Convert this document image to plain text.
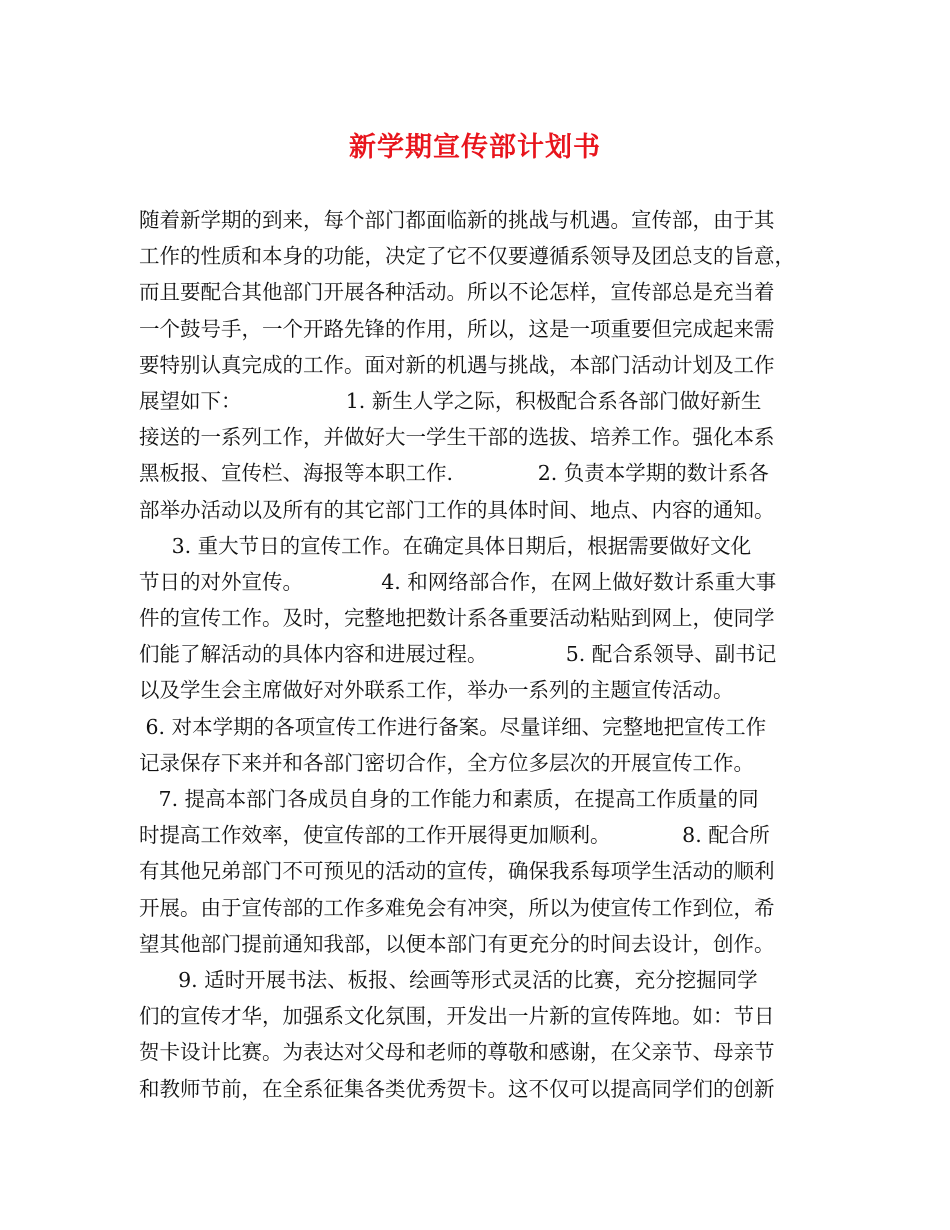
新学期宣传部计划书
随着新学期的到来，每个部门都面临新的挑战与机遇。宣传部，由于其
工作的性质和本身的功能，决定了它不仅要遵循系领导及团总支的旨意，
而且要配合其他部门开展各种活动。所以不论怎样，宣传部总是充当着
一个鼓号手，一个开路先锋的作用，所以，这是一项重要但完成起来需
要特别认真完成的工作。面对新的机遇与挑战，本部门活动计划及工作
展望如下：                1. 新生人学之际，积极配合系各部门做好新生
接送的一系列工作，并做好大一学生干部的选拔、培养工作。强化本系
黑板报、宣传栏、海报等本职工作.             2. 负责本学期的数计系各
部举办活动以及所有的其它部门工作的具体时间、地点、内容的通知。
3. 重大节日的宣传工作。在确定具体日期后，根据需要做好文化
节日的对外宣传。            4. 和网络部合作，在网上做好数计系重大事
件的宣传工作。及时，完整地把数计系各重要活动粘贴到网上，使同学
们能了解活动的具体内容和进展过程。            5. 配合系领导、副书记
以及学生会主席做好对外联系工作，举办一系列的主题宣传活动。
6. 对本学期的各项宣传工作进行备案。尽量详细、完整地把宣传工作
记录保存下来并和各部门密切合作，全方位多层次的开展宣传工作。
7. 提高本部门各成员自身的工作能力和素质，在提高工作质量的同
时提高工作效率，使宣传部的工作开展得更加顺利。           8. 配合所
有其他兄弟部门不可预见的活动的宣传，确保我系每项学生活动的顺利
开展。由于宣传部的工作多难免会有冲突，所以为使宣传工作到位，希
望其他部门提前通知我部，以便本部门有更充分的时间去设计，创作。
9. 适时开展书法、板报、绘画等形式灵活的比赛，充分挖掘同学
们的宣传才华，加强系文化氛围，开发出一片新的宣传阵地。如：节日
贺卡设计比赛。为表达对父母和老师的尊敬和感谢，在父亲节、母亲节
和教师节前，在全系征集各类优秀贺卡。这不仅可以提高同学们的创新
